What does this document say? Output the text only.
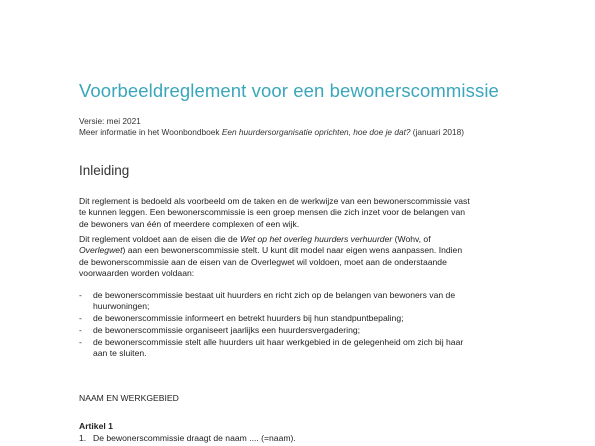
Voorbeeldreglement voor een bewonerscommissie
Versie: mei 2021
Meer informatie in het Woonbondboek Een huurdersorganisatie oprichten, hoe doe je dat? (januari 2018)
Inleiding

Dit reglement is bedoeld als voorbeeld om de taken en de werkwijze van een bewonerscommissie vast

te kunnen leggen. Een bewonerscommissie is een groep mensen die zich inzet voor de belangen van

de bewoners van één of meerdere complexen of een wijk.

Dit reglement voldoet aan de eisen die de Wet op het overleg huurders verhuurder (Wohv, of

Overlegwet) aan een bewonerscommissie stelt. U kunt dit model naar eigen wens aanpassen. Indien

de bewonerscommissie aan de eisen van de Overlegwet wil voldoen, moet aan de onderstaande

voorwaarden worden voldaan:

- de bewonerscommissie bestaat uit huurders en richt zich op de belangen van bewoners van de
huurwoningen;
- de bewonerscommissie informeert en betrekt huurders bij hun standpuntbepaling;
- de bewonerscommissie organiseert jaarlijks een huurdersvergadering;
- de bewonerscommissie stelt alle huurders uit haar werkgebied in de gelegenheid om zich bij haar
aan te sluiten.
NAAM EN WERKGEBIED
Artikel 1
1. De bewonerscommissie draagt de naam .... (=naam).
